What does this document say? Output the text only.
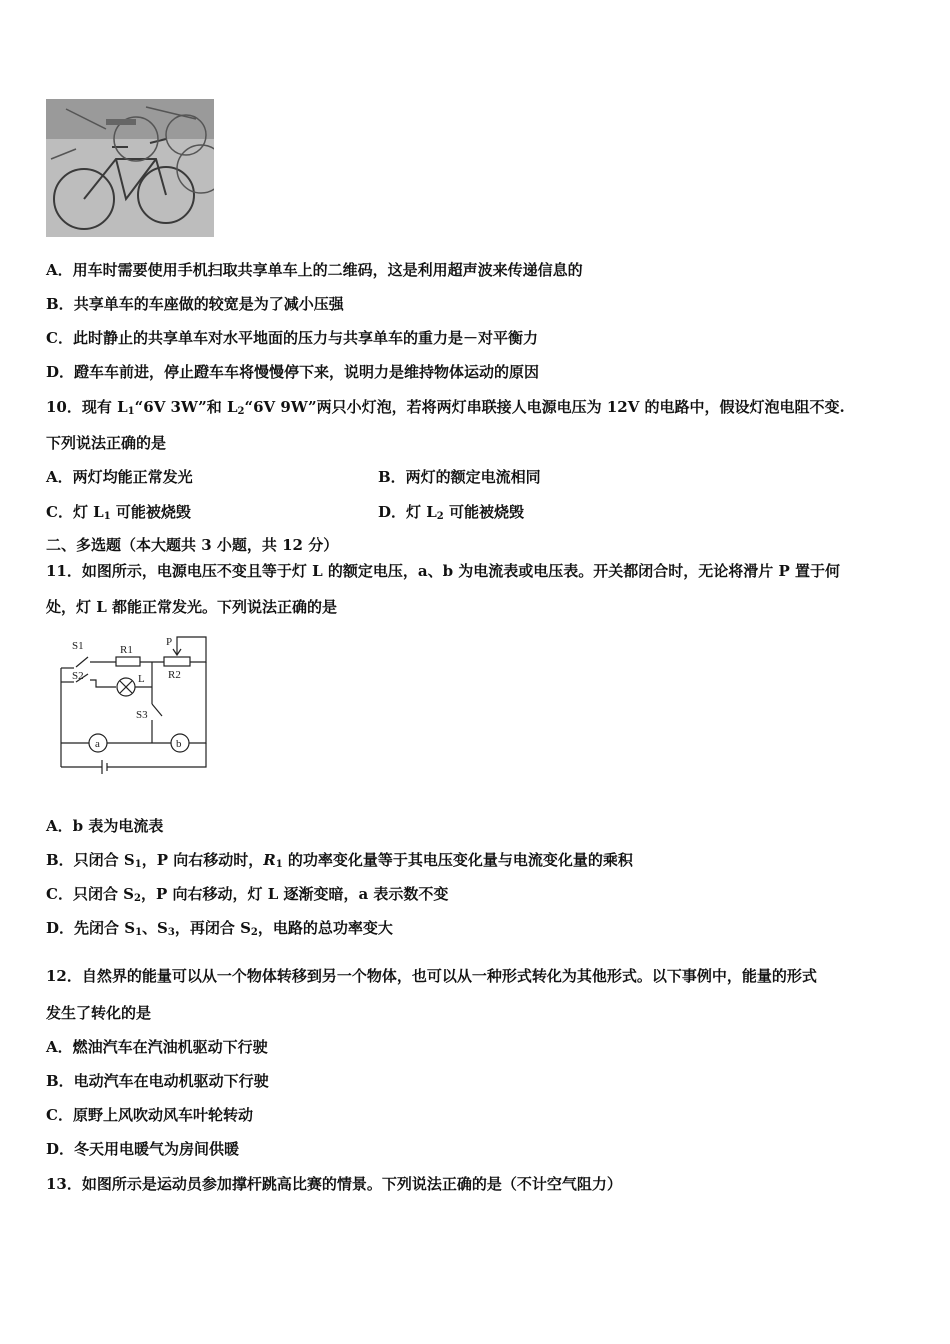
A．用车时需要使用手机扫取共享单车上的二维码，这是利用超声波来传递信息的
B．共享单车的车座做的较宽是为了减小压强
C．此时静止的共享单车对水平地面的压力与共享单车的重力是－对平衡力
D．蹬车车前进，停止蹬车车将慢慢停下来，说明力是维持物体运动的原因
10．现有 $L_1“6V$ 3W”和 $L_2“6V$ 9W”两只小灯泡，若将两灯串联接人电源电压为 12V 的电路中，假设灯泡电阻不变.
下列说法正确的是
A．两灯均能正常发光	B．两灯的额定电流相同
C．灯 $L_1$ 可能被烧毁	D．灯 $L_2$ 可能被烧毁
二、多选题（本大题共 3 小题，共 12 分）
11．如图所示，电源电压不变且等于灯 L 的额定电压，a、b 为电流表或电压表。开关都闭合时，无论将滑片 P 置于何
处，灯 L 都能正常发光。下列说法正确的是
S1	R1
P
R2
S2	L
S3
a	b
A．b 表为电流表
B．只闭合 $S_1$，P 向右移动时，$R_1$ 的功率变化量等于其电压变化量与电流变化量的乘积
C．只闭合 $S_2$，P 向右移动，灯 L 逐渐变暗，a 表示数不变
D．先闭合 $S_1$、$S_3$，再闭合 $S_2$，电路的总功率变大
12．自然界的能量可以从一个物体转移到另一个物体，也可以从一种形式转化为其他形式。以下事例中，能量的形式
发生了转化的是
A．燃油汽车在汽油机驱动下行驶
B．电动汽车在电动机驱动下行驶
C．原野上风吹动风车叶轮转动
D．冬天用电暖气为房间供暖
13．如图所示是运动员参加撑杆跳高比赛的情景。下列说法正确的是（不计空气阻力）
